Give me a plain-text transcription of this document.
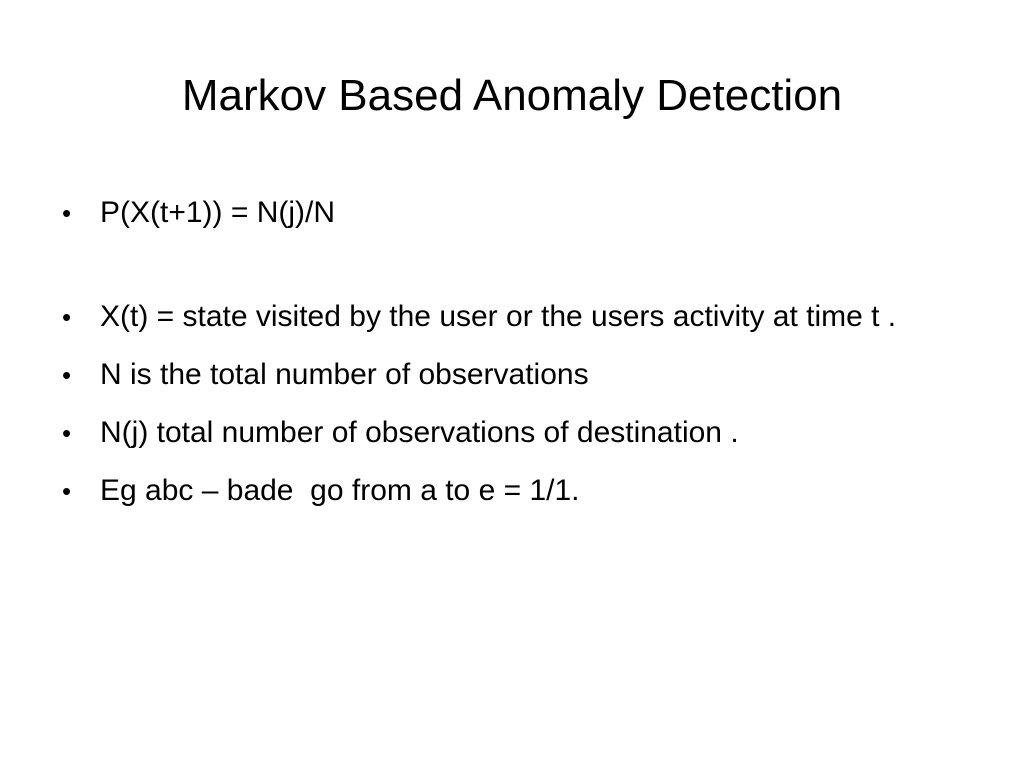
Markov Based Anomaly Detection
• P(X(t+1)) = N(j)/N
• X(t) = state visited by the user or the users activity at time t .
• N is the total number of observations
• N(j) total number of observations of destination .
• Eg abc – bade  go from a to e = 1/1.
